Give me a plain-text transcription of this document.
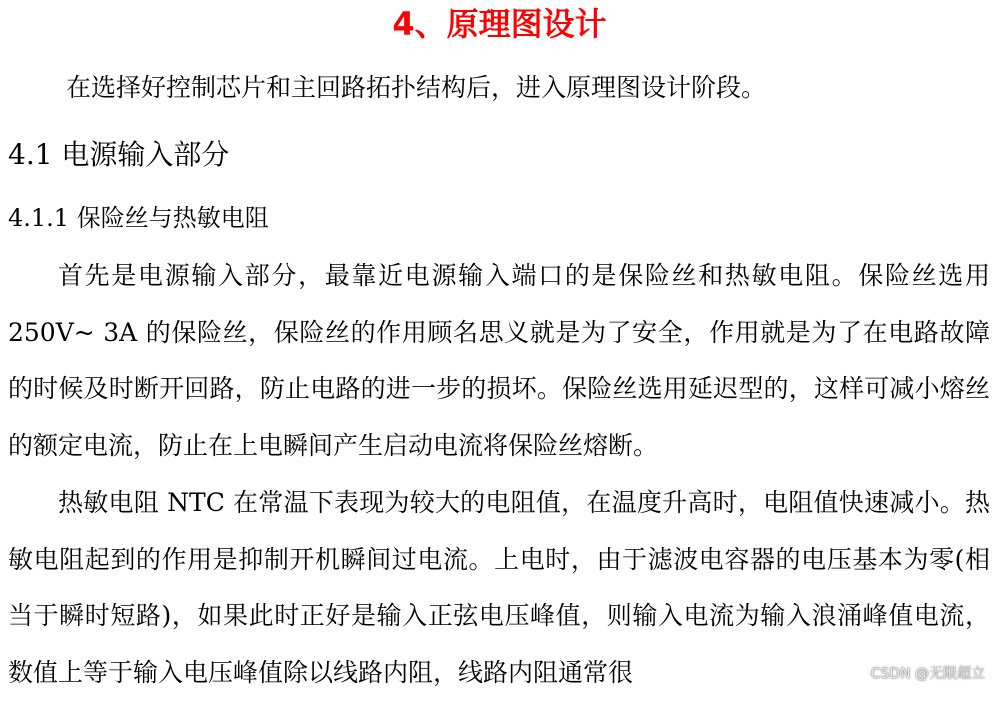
4、原理图设计
在选择好控制芯片和主回路拓扑结构后，进入原理图设计阶段。
4.1 电源输入部分
4.1.1 保险丝与热敏电阻
首先是电源输入部分，最靠近电源输入端口的是保险丝和热敏电阻。保险丝选用 250V~ 3A 的保险丝，保险丝的作用顾名思义就是为了安全，作用就是为了在电路故障的时候及时断开回路，防止电路的进一步的损坏。保险丝选用延迟型的，这样可减小熔丝的额定电流，防止在上电瞬间产生启动电流将保险丝熔断。
热敏电阻 NTC 在常温下表现为较大的电阻值，在温度升高时，电阻值快速减小。热敏电阻起到的作用是抑制开机瞬间过电流。上电时，由于滤波电容器的电压基本为零(相当于瞬时短路)，如果此时正好是输入正弦电压峰值，则输入电流为输入浪涌峰值电流，数值上等于输入电压峰值除以线路内阻，线路内阻通常很	CSDN @无限超立
